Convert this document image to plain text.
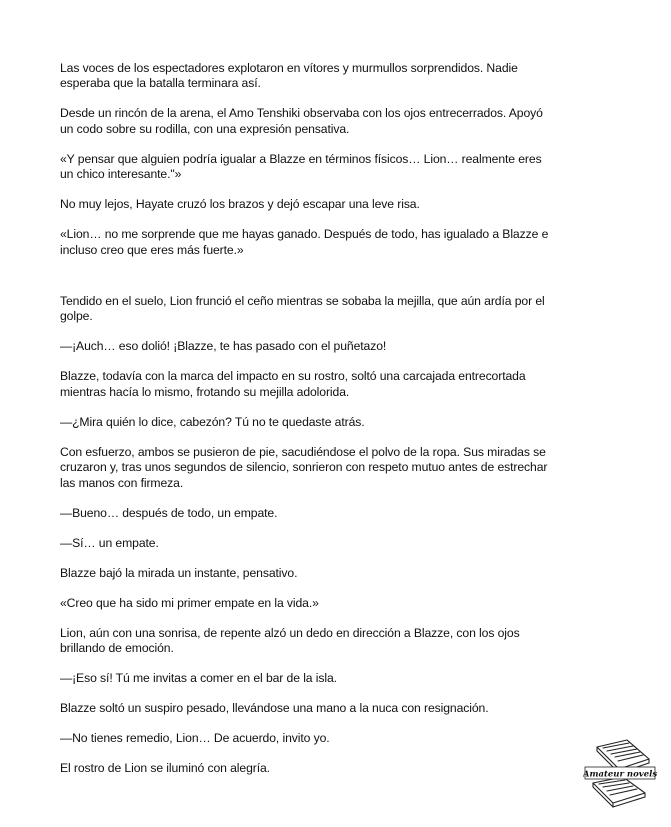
Las voces de los espectadores explotaron en vítores y murmullos sorprendidos. Nadie esperaba que la batalla terminara así.

Desde un rincón de la arena, el Amo Tenshiki observaba con los ojos entrecerrados. Apoyó un codo sobre su rodilla, con una expresión pensativa.

«Y pensar que alguien podría igualar a Blazze en términos físicos… Lion… realmente eres un chico interesante."»

No muy lejos, Hayate cruzó los brazos y dejó escapar una leve risa.

«Lion… no me sorprende que me hayas ganado. Después de todo, has igualado a Blazze e incluso creo que eres más fuerte.»

Tendido en el suelo, Lion frunció el ceño mientras se sobaba la mejilla, que aún ardía por el golpe.

—¡Auch… eso dolió! ¡Blazze, te has pasado con el puñetazo!

Blazze, todavía con la marca del impacto en su rostro, soltó una carcajada entrecortada mientras hacía lo mismo, frotando su mejilla adolorida.

—¿Mira quién lo dice, cabezón? Tú no te quedaste atrás.

Con esfuerzo, ambos se pusieron de pie, sacudiéndose el polvo de la ropa. Sus miradas se cruzaron y, tras unos segundos de silencio, sonrieron con respeto mutuo antes de estrechar las manos con firmeza.

—Bueno… después de todo, un empate.

—Sí… un empate.

Blazze bajó la mirada un instante, pensativo.

«Creo que ha sido mi primer empate en la vida.»

Lion, aún con una sonrisa, de repente alzó un dedo en dirección a Blazze, con los ojos brillando de emoción.

—¡Eso sí! Tú me invitas a comer en el bar de la isla.

Blazze soltó un suspiro pesado, llevándose una mano a la nuca con resignación.

—No tienes remedio, Lion… De acuerdo, invito yo.

El rostro de Lion se iluminó con alegría.	Amateur novels
